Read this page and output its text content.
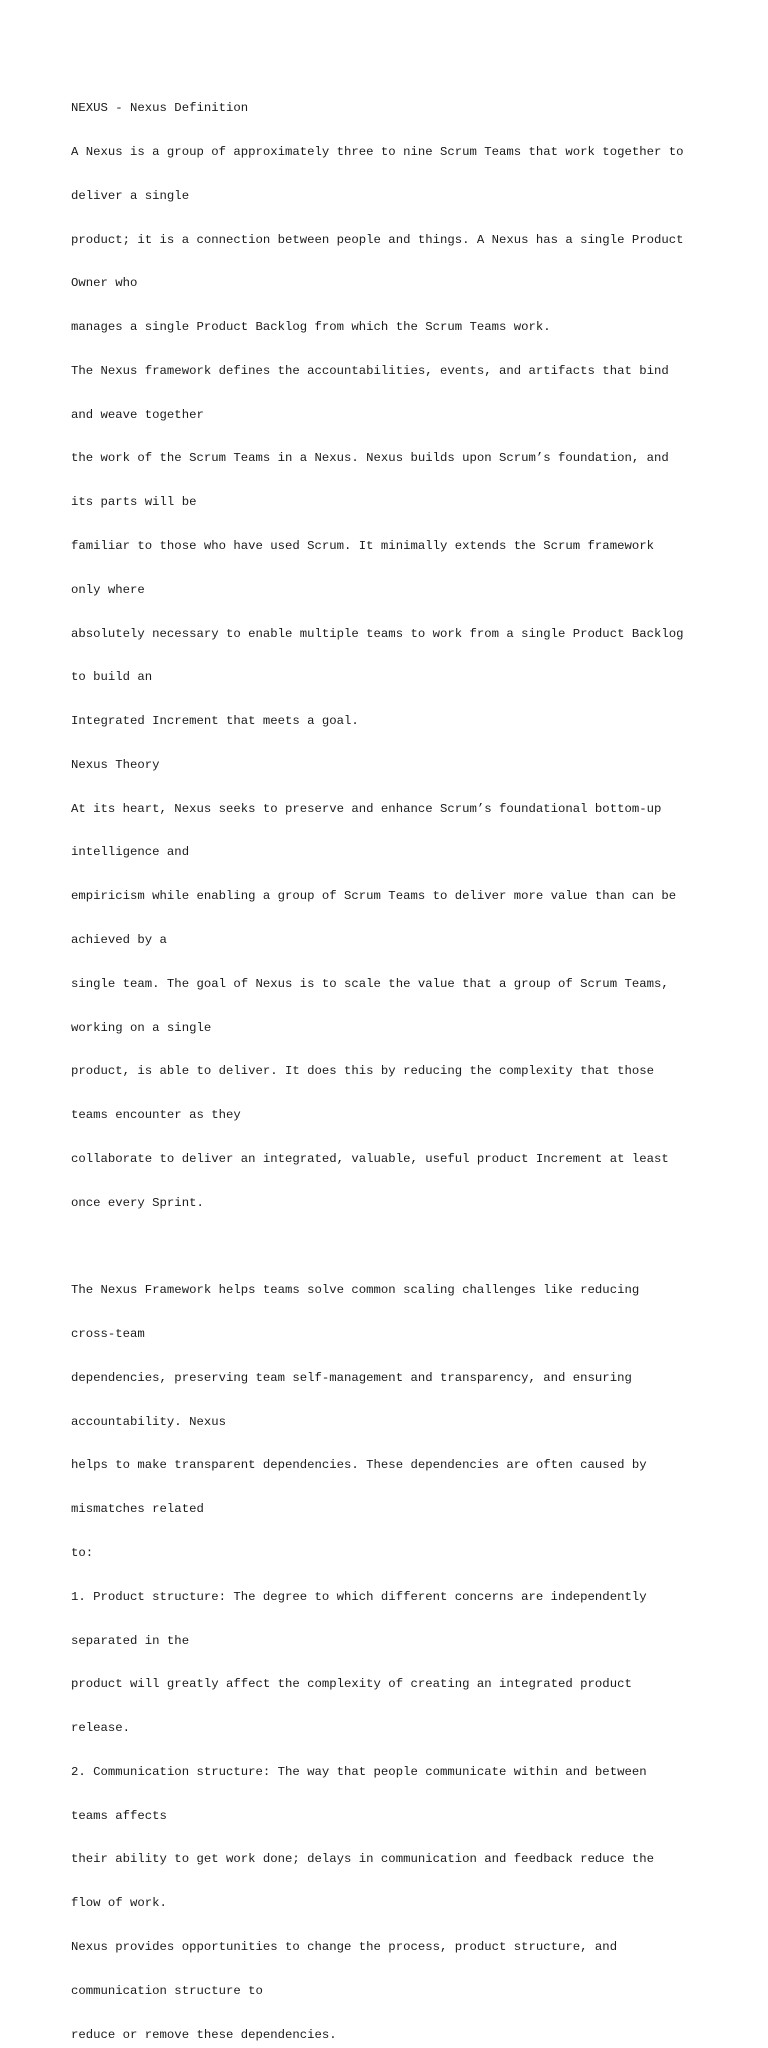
NEXUS - Nexus Definition

A Nexus is a group of approximately three to nine Scrum Teams that work together to

deliver a single

product; it is a connection between people and things. A Nexus has a single Product

Owner who

manages a single Product Backlog from which the Scrum Teams work.

The Nexus framework defines the accountabilities, events, and artifacts that bind

and weave together

the work of the Scrum Teams in a Nexus. Nexus builds upon Scrum’s foundation, and

its parts will be

familiar to those who have used Scrum. It minimally extends the Scrum framework

only where

absolutely necessary to enable multiple teams to work from a single Product Backlog

to build an

Integrated Increment that meets a goal.

Nexus Theory

At its heart, Nexus seeks to preserve and enhance Scrum’s foundational bottom-up

intelligence and

empiricism while enabling a group of Scrum Teams to deliver more value than can be

achieved by a

single team. The goal of Nexus is to scale the value that a group of Scrum Teams,

working on a single

product, is able to deliver. It does this by reducing the complexity that those

teams encounter as they

collaborate to deliver an integrated, valuable, useful product Increment at least

once every Sprint.

The Nexus Framework helps teams solve common scaling challenges like reducing

cross-team

dependencies, preserving team self-management and transparency, and ensuring

accountability. Nexus

helps to make transparent dependencies. These dependencies are often caused by

mismatches related

to:

1. Product structure: The degree to which different concerns are independently

separated in the

product will greatly affect the complexity of creating an integrated product

release.

2. Communication structure: The way that people communicate within and between

teams affects

their ability to get work done; delays in communication and feedback reduce the

flow of work.

Nexus provides opportunities to change the process, product structure, and

communication structure to

reduce or remove these dependencies.
